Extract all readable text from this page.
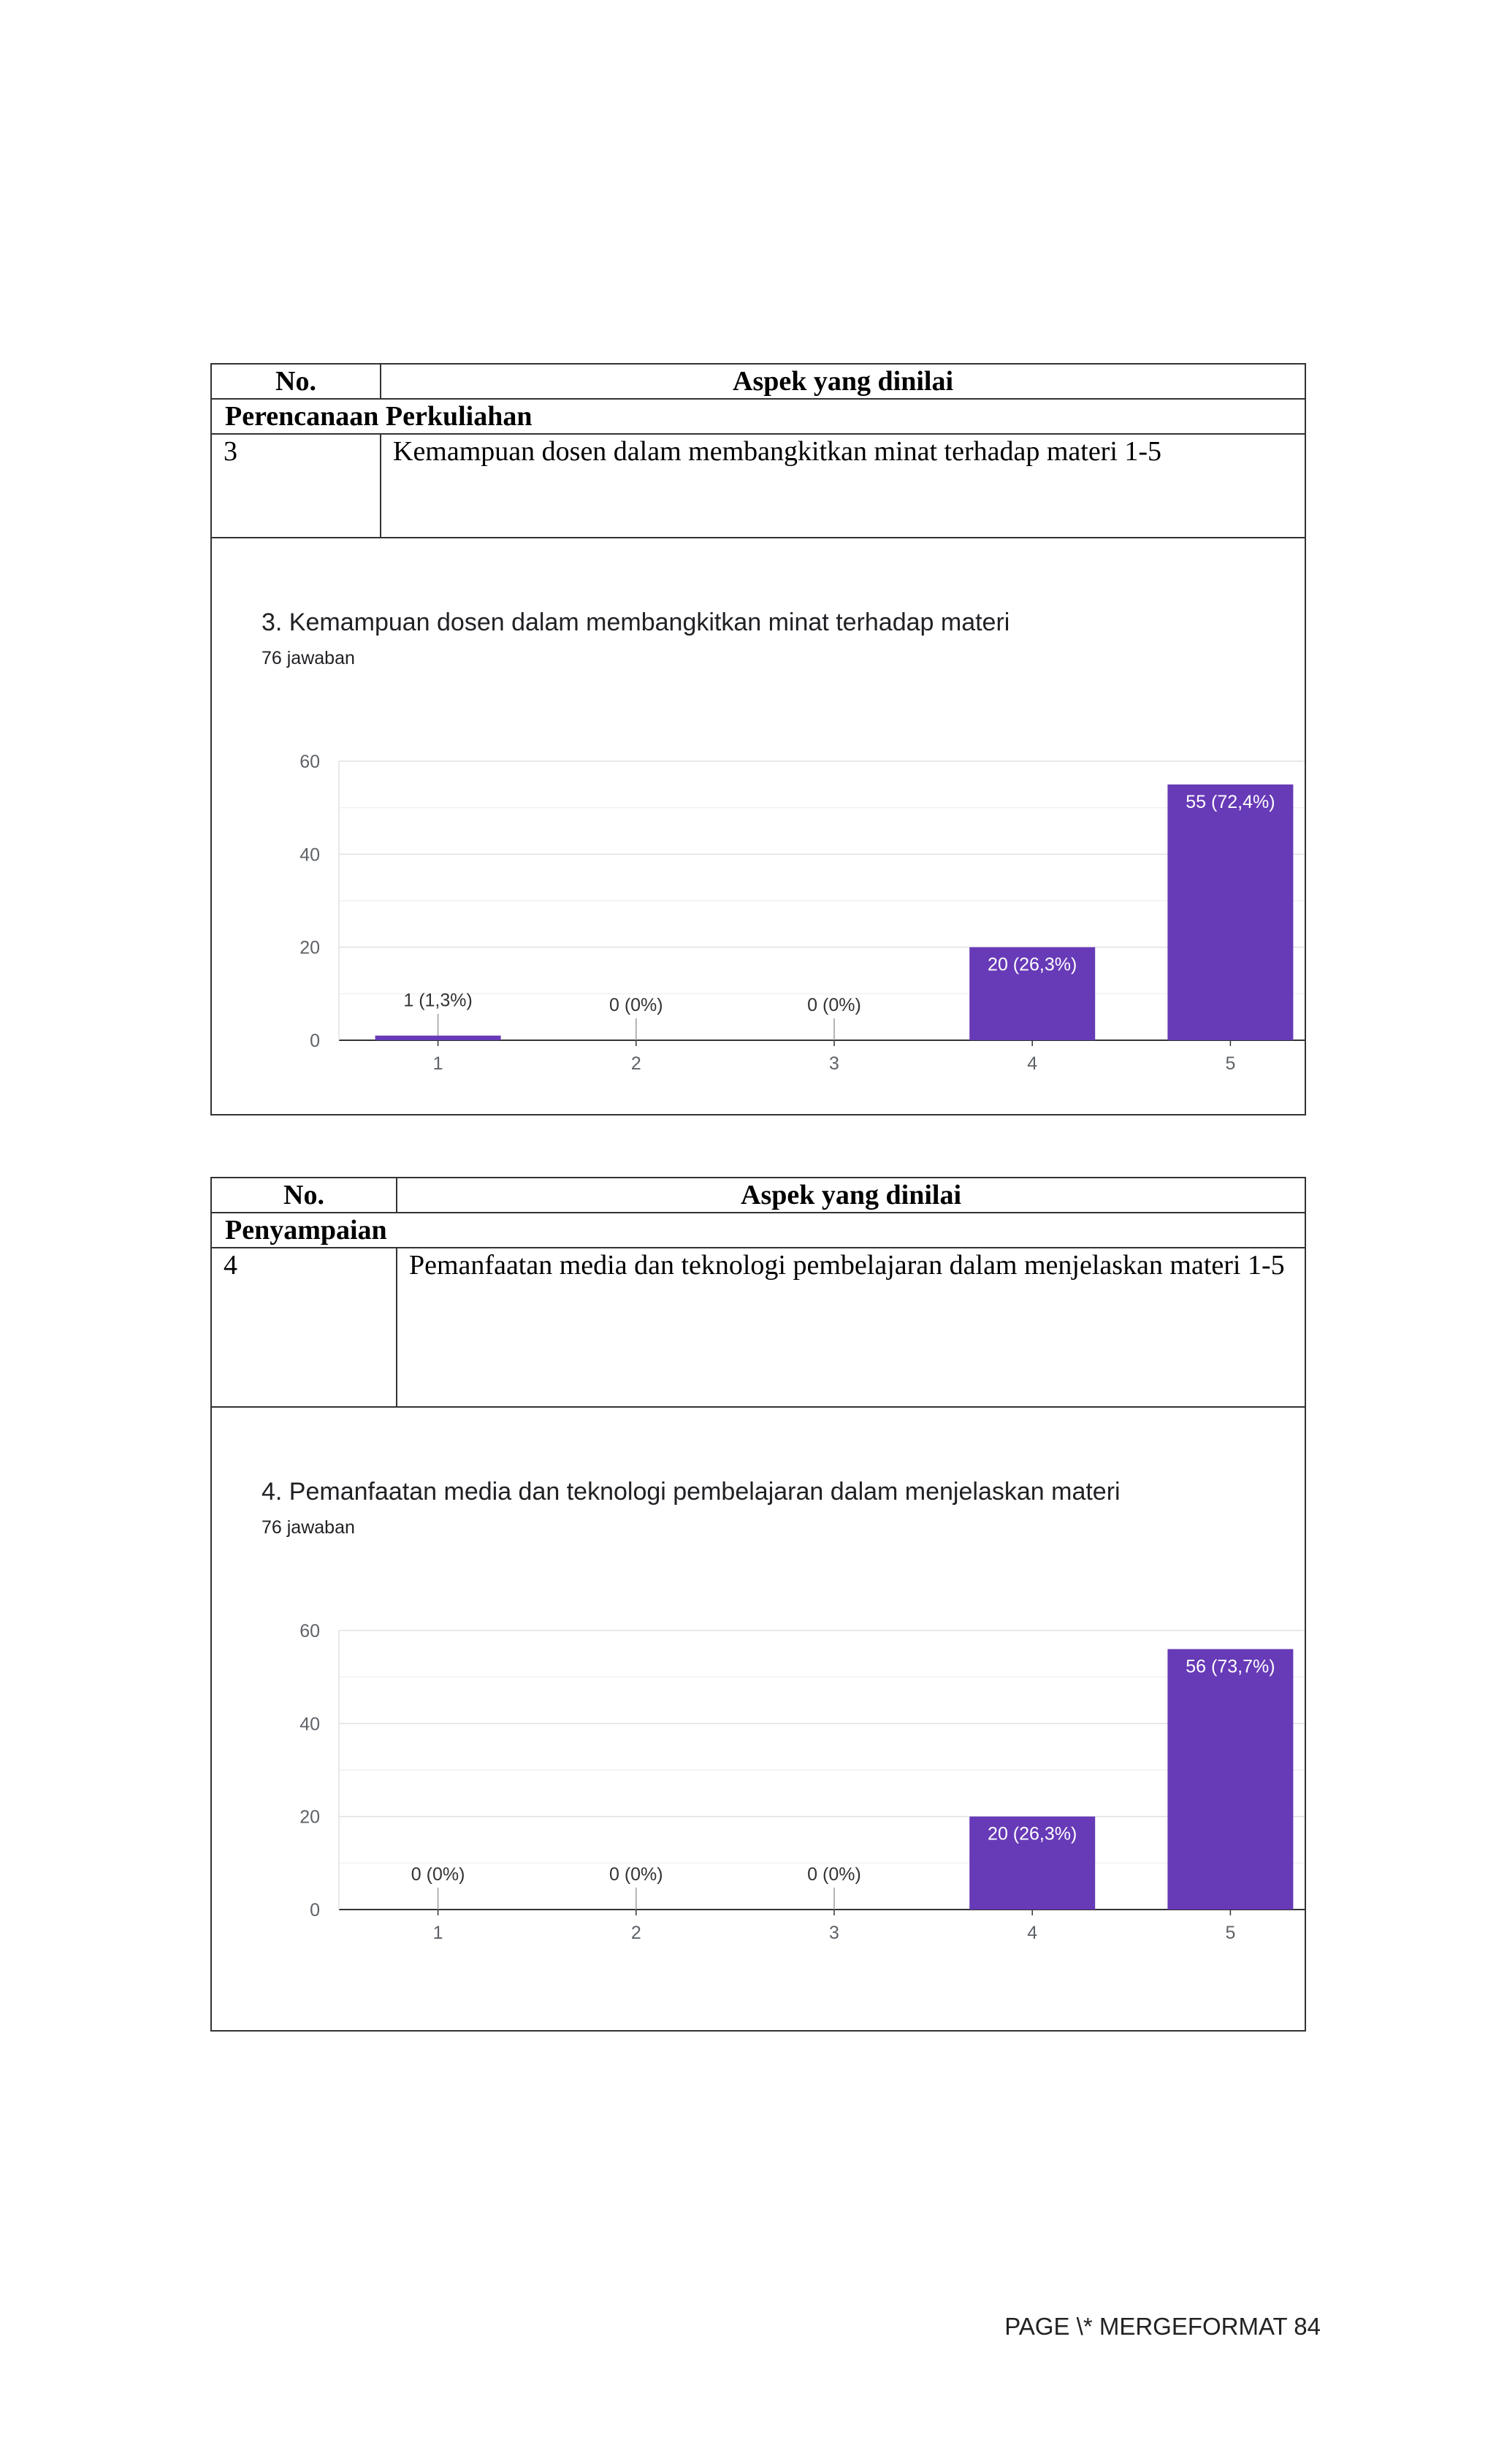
No.	Aspek yang dinilai
Perencanaan Perkuliahan	
3	Kemampuan dosen dalam membangkitkan minat terhadap materi 1-5
3. Kemampuan dosen dalam membangkitkan minat terhadap materi
76 jawaban
0
20
40
60
1
1 (1,3%)
2
0 (0%)
3
0 (0%)
4
20 (26,3%)
5
55 (72,4%)
No.	Aspek yang dinilai
Penyampaian	
4	Pemanfaatan media dan teknologi pembelajaran dalam menjelaskan materi 1-5
4. Pemanfaatan media dan teknologi pembelajaran dalam menjelaskan materi
76 jawaban
0
20
40
60
1
0 (0%)
2
0 (0%)
3
0 (0%)
4
20 (26,3%)
5
56 (73,7%)
PAGE \* MERGEFORMAT 84
